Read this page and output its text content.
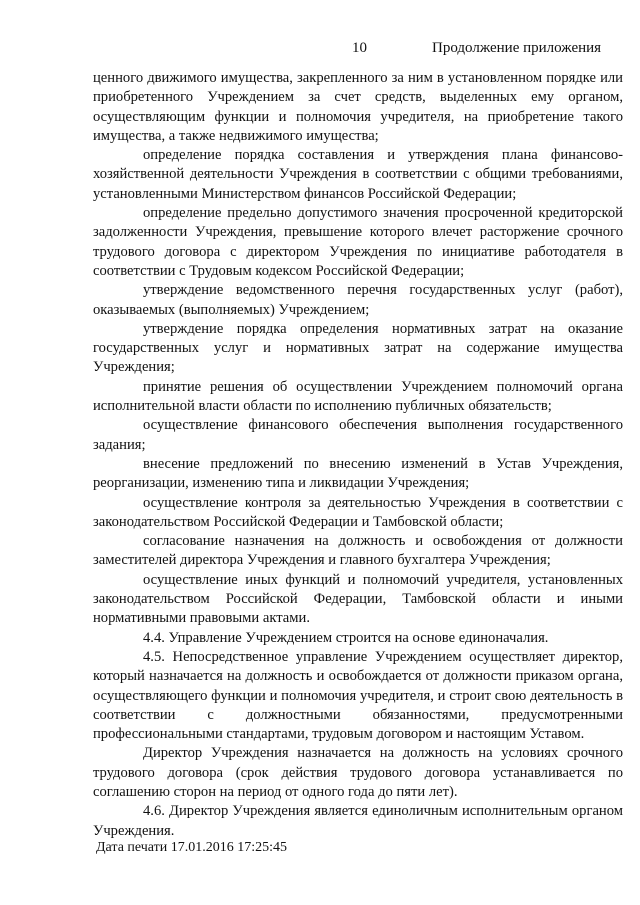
10	Продолжение приложения

ценного движимого имущества, закрепленного за ним в установленном порядке или приобретенного Учреждением за счет средств, выделенных ему органом, осуществляющим функции и полномочия учредителя, на приобретение такого имущества, а также недвижимого имущества;

определение порядка составления и утверждения плана финансово-хозяйственной деятельности Учреждения в соответствии с общими требованиями, установленными Министерством финансов Российской Федерации;

определение предельно допустимого значения просроченной кредиторской задолженности Учреждения, превышение которого влечет расторжение срочного трудового договора с директором Учреждения по инициативе работодателя в соответствии с Трудовым кодексом Российской Федерации;

утверждение ведомственного перечня государственных услуг (работ), оказываемых (выполняемых) Учреждением;

утверждение порядка определения нормативных затрат на оказание государственных услуг и нормативных затрат на содержание имущества Учреждения;

принятие решения об осуществлении Учреждением полномочий органа исполнительной власти области по исполнению публичных обязательств;

осуществление финансового обеспечения выполнения государственного задания;

внесение предложений по внесению изменений в Устав Учреждения, реорганизации, изменению типа и ликвидации Учреждения;

осуществление контроля за деятельностью Учреждения в соответствии с законодательством Российской Федерации и Тамбовской области;

согласование назначения на должность и освобождения от должности заместителей директора Учреждения и главного бухгалтера Учреждения;

осуществление иных функций и полномочий учредителя, установленных законодательством Российской Федерации, Тамбовской области и иными нормативными правовыми актами.

4.4. Управление Учреждением строится на основе единоначалия.

4.5. Непосредственное управление Учреждением осуществляет директор, который назначается на должность и освобождается от должности приказом органа, осуществляющего функции и полномочия учредителя, и строит свою деятельность в соответствии с должностными обязанностями, предусмотренными профессиональными стандартами, трудовым договором и настоящим Уставом.

Директор Учреждения назначается на должность на условиях срочного трудового договора (срок действия трудового договора устанавливается по соглашению сторон на период от одного года до пяти лет).

4.6. Директор Учреждения является единоличным исполнительным органом Учреждения.

Дата печати 17.01.2016 17:25:45
